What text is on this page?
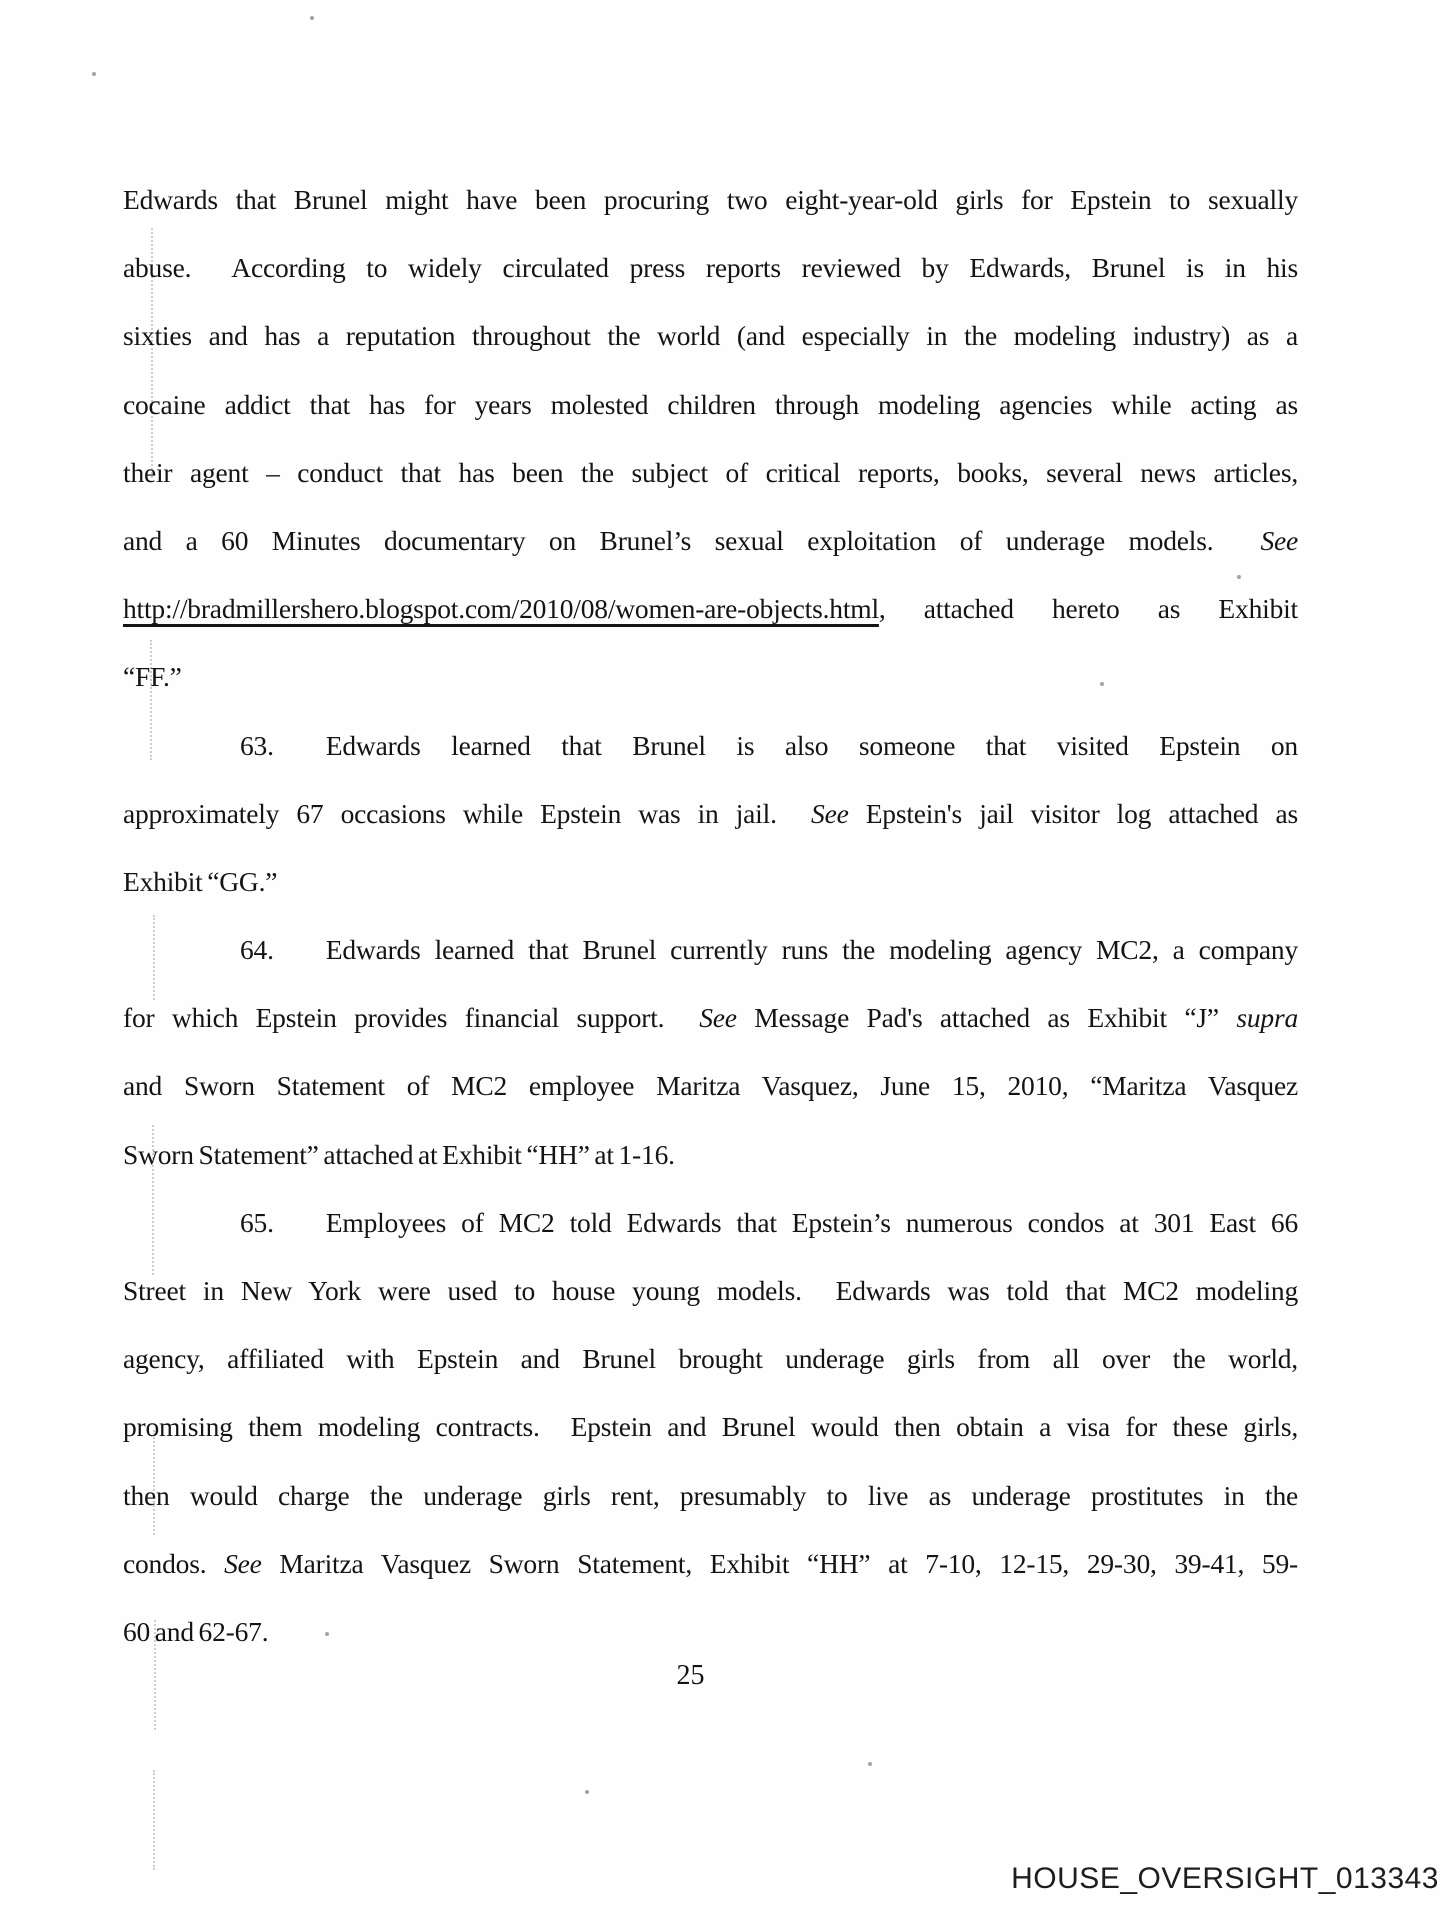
Edwards that Brunel might have been procuring two eight-year-old girls for Epstein to sexually
abuse.  According to widely circulated press reports reviewed by Edwards, Brunel is in his
sixties and has a reputation throughout the world (and especially in the modeling industry) as a
cocaine addict that has for years molested children through modeling agencies while acting as
their agent – conduct that has been the subject of critical reports, books, several news articles,
and a 60 Minutes documentary on Brunel’s sexual exploitation of underage models.  See
http://bradmillershero.blogspot.com/2010/08/women-are-objects.html, attached hereto as Exhibit
“FF.”
63. Edwards learned that Brunel is also someone that visited Epstein on
approximately 67 occasions while Epstein was in jail.  See Epstein's jail visitor log attached as
Exhibit “GG.”
64. Edwards learned that Brunel currently runs the modeling agency MC2, a company
for which Epstein provides financial support.  See Message Pad's attached as Exhibit “J” supra
and Sworn Statement of MC2 employee Maritza Vasquez, June 15, 2010, “Maritza Vasquez
Sworn Statement” attached at Exhibit “HH” at 1-16.
65. Employees of MC2 told Edwards that Epstein’s numerous condos at 301 East 66
Street in New York were used to house young models.  Edwards was told that MC2 modeling
agency, affiliated with Epstein and Brunel brought underage girls from all over the world,
promising them modeling contracts.  Epstein and Brunel would then obtain a visa for these girls,
then would charge the underage girls rent, presumably to live as underage prostitutes in the
condos. See Maritza Vasquez Sworn Statement, Exhibit “HH” at 7-10, 12-15, 29-30, 39-41, 59-
60 and 62-67.
25
HOUSE_OVERSIGHT_013343
